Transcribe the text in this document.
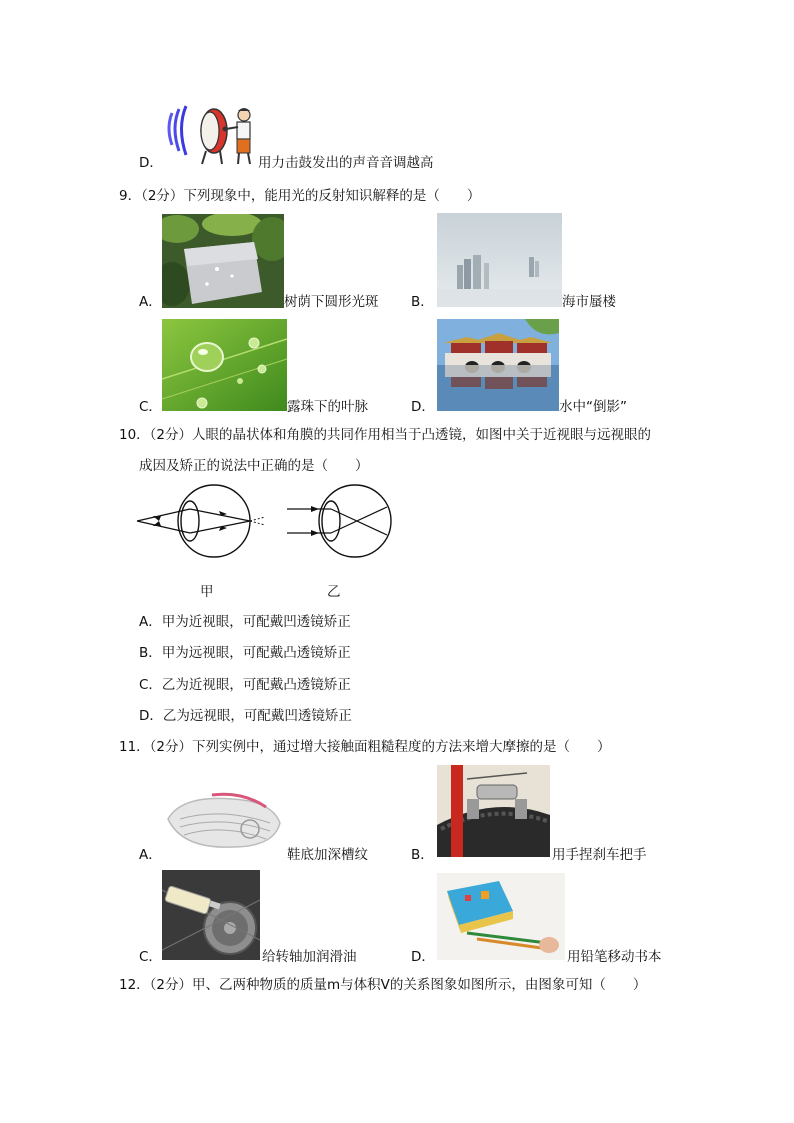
D．	用力击鼓发出的声音音调越高
9．（2分）下列现象中，能用光的反射知识解释的是（　　）
A．	树荫下圆形光斑 B．	海市蜃楼
C．	露珠下的叶脉	D．	水中“倒影”
10．（2分）人眼的晶状体和角膜的共同作用相当于凸透镜，如图中关于近视眼与远视眼的
成因及矫正的说法中正确的是（　　）
甲	乙
A．甲为近视眼，可配戴凹透镜矫正
B．甲为远视眼，可配戴凸透镜矫正
C．乙为近视眼，可配戴凸透镜矫正
D．乙为远视眼，可配戴凹透镜矫正
11．（2分）下列实例中，通过增大接触面粗糙程度的方法来增大摩擦的是（　　）
A．	鞋底加深槽纹	B．	用手捏刹车把手
C．	给转轴加润滑油	D．	用铅笔移动书本
12．（2分）甲、乙两种物质的质量m与体积V的关系图象如图所示，由图象可知（　　）
